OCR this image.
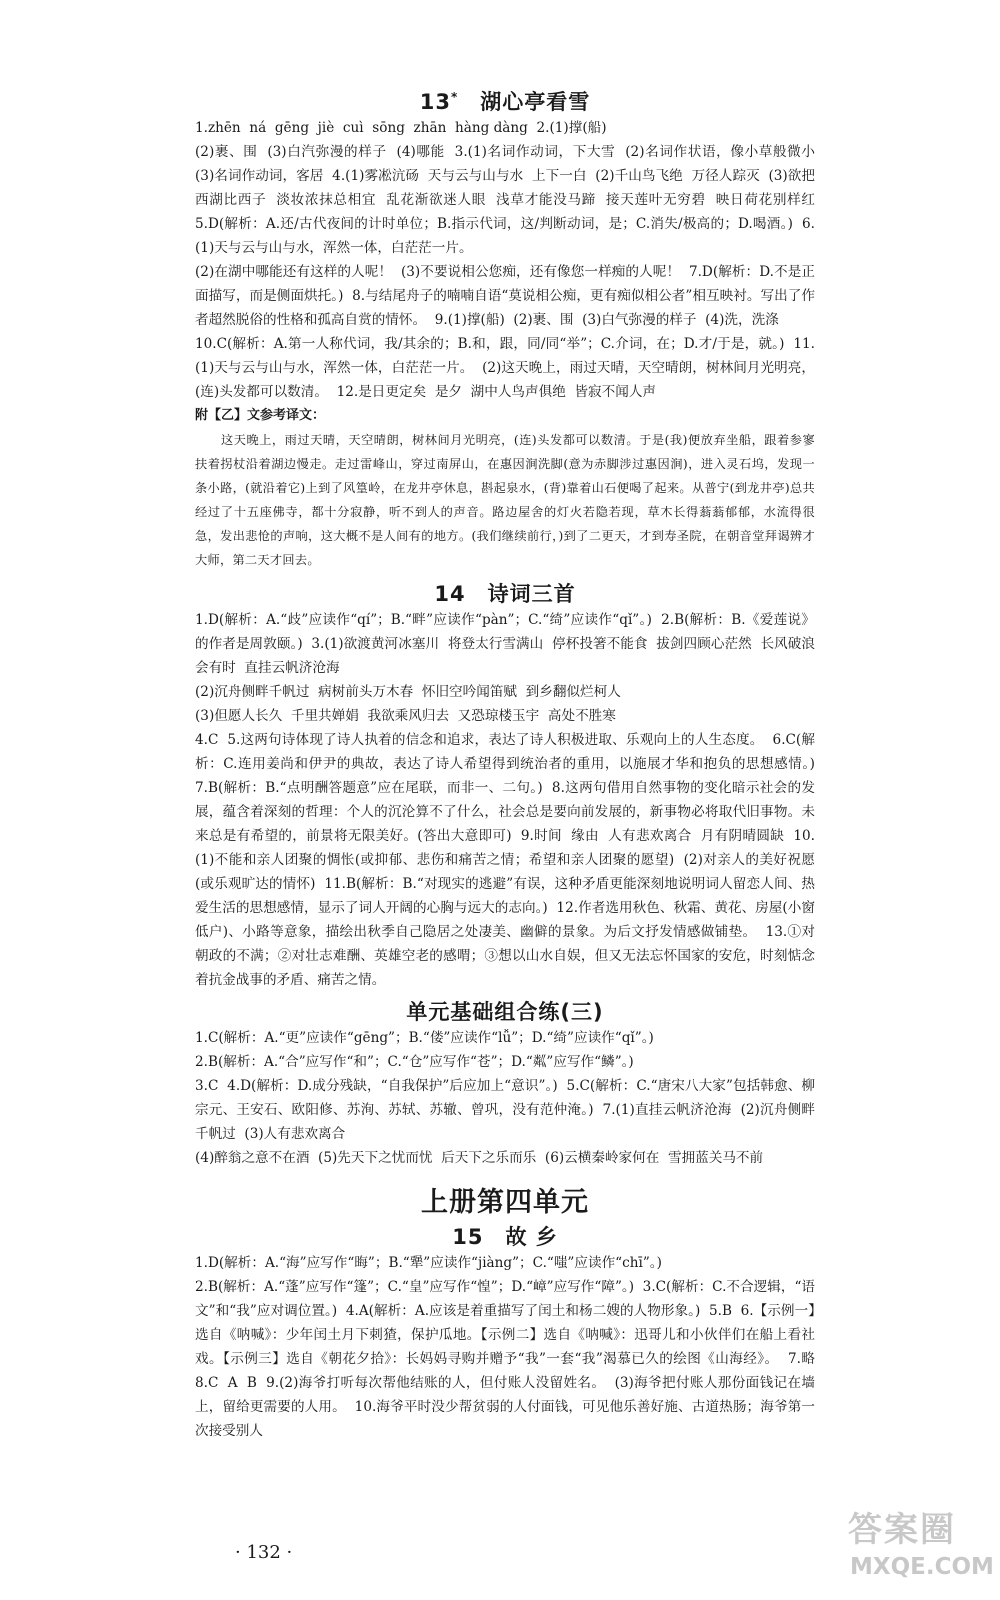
13* 湖心亭看雪

1.zhēn  ná  gēng  jiè  cuì  sōng  zhān  hàng dàng  2.(1)撑(船)
(2)裹、围  (3)白汽弥漫的样子  (4)哪能  3.(1)名词作动词，下大雪  (2)名词作状语，像小草般微小  (3)名词作动词，客居  4.(1)雾凇沆砀  天与云与山与水  上下一白  (2)千山鸟飞绝  万径人踪灭  (3)欲把西湖比西子  淡妆浓抹总相宜  乱花渐欲迷人眼  浅草才能没马蹄  接天莲叶无穷碧  映日荷花别样红  5.D(解析：A.还/古代夜间的计时单位；B.指示代词，这/判断动词，是；C.消失/极高的；D.喝酒。)  6.(1)天与云与山与水，浑然一体，白茫茫一片。
(2)在湖中哪能还有这样的人呢！  (3)不要说相公您痴，还有像您一样痴的人呢！  7.D(解析：D.不是正面描写，而是侧面烘托。)  8.与结尾舟子的喃喃自语“莫说相公痴，更有痴似相公者”相互映衬。写出了作者超然脱俗的性格和孤高自赏的情怀。  9.(1)撑(船)  (2)裹、围  (3)白气弥漫的样子  (4)洗，洗涤
10.C(解析：A.第一人称代词，我/其余的；B.和，跟，同/同“举”；C.介词，在；D.才/于是，就。)  11.(1)天与云与山与水，浑然一体，白茫茫一片。  (2)这天晚上，雨过天晴，天空晴朗，树林间月光明亮，(连)头发都可以数清。  12.是日更定矣  是夕  湖中人鸟声俱绝  皆寂不闻人声

附【乙】文参考译文：

这天晚上，雨过天晴，天空晴朗，树林间月光明亮，(连)头发都可以数清。于是(我)便放弃坐船，跟着参寥扶着拐杖沿着湖边慢走。走过雷峰山，穿过南屏山，在惠因涧洗脚(意为赤脚涉过惠因涧)，进入灵石坞，发现一条小路，(就沿着它)上到了风篁岭，在龙井亭休息，斟起泉水，(背)靠着山石便喝了起来。从普宁(到龙井亭)总共经过了十五座佛寺，都十分寂静，听不到人的声音。路边屋舍的灯火若隐若现，草木长得蓊蓊郁郁，水流得很急，发出悲怆的声响，这大概不是人间有的地方。(我们继续前行，)到了二更天，才到寿圣院，在朝音堂拜谒辨才大师，第二天才回去。

14 诗词三首

1.D(解析：A.“歧”应读作“qí”；B.“畔”应读作“pàn”；C.“绮”应读作“qǐ”。)  2.B(解析：B.《爱莲说》的作者是周敦颐。)  3.(1)欲渡黄河冰塞川  将登太行雪满山  停杯投箸不能食  拔剑四顾心茫然  长风破浪会有时  直挂云帆济沧海
(2)沉舟侧畔千帆过  病树前头万木春  怀旧空吟闻笛赋  到乡翻似烂柯人
(3)但愿人长久  千里共婵娟  我欲乘风归去  又恐琼楼玉宇  高处不胜寒
4.C  5.这两句诗体现了诗人执着的信念和追求，表达了诗人积极进取、乐观向上的人生态度。  6.C(解析：C.连用姜尚和伊尹的典故，表达了诗人希望得到统治者的重用，以施展才华和抱负的思想感情。)  7.B(解析：B.“点明酬答题意”应在尾联，而非一、二句。)  8.这两句借用自然事物的变化暗示社会的发展，蕴含着深刻的哲理：个人的沉沦算不了什么，社会总是要向前发展的，新事物必将取代旧事物。未来总是有希望的，前景将无限美好。(答出大意即可)  9.时间  缘由  人有悲欢离合  月有阴晴圆缺  10.(1)不能和亲人团聚的惆怅(或抑郁、悲伤和痛苦之情；希望和亲人团聚的愿望)  (2)对亲人的美好祝愿(或乐观旷达的情怀)  11.B(解析：B.“对现实的逃避”有误，这种矛盾更能深刻地说明词人留恋人间、热爱生活的思想感情，显示了词人开阔的心胸与远大的志向。)  12.作者选用秋色、秋霜、黄花、房屋(小窗低户)、小路等意象，描绘出秋季自己隐居之处凄美、幽僻的景象。为后文抒发情感做铺垫。  13.①对朝政的不满；②对壮志难酬、英雄空老的感喟；③想以山水自娱，但又无法忘怀国家的安危，时刻惦念着抗金战事的矛盾、痛苦之情。

单元基础组合练(三)

1.C(解析：A.“更”应读作“gēng”；B.“偻”应读作“lǚ”；D.“绮”应读作“qǐ”。)
2.B(解析：A.“合”应写作“和”；C.“仓”应写作“苍”；D.“粼”应写作“鳞”。)
3.C  4.D(解析：D.成分残缺，“自我保护”后应加上“意识”。)  5.C(解析：C.“唐宋八大家”包括韩愈、柳宗元、王安石、欧阳修、苏洵、苏轼、苏辙、曾巩，没有范仲淹。)  7.(1)直挂云帆济沧海  (2)沉舟侧畔千帆过  (3)人有悲欢离合
(4)醉翁之意不在酒  (5)先天下之忧而忧  后天下之乐而乐  (6)云横秦岭家何在  雪拥蓝关马不前

上册第四单元
15 故 乡

1.D(解析：A.“海”应写作“晦”；B.“犟”应读作“jiàng”；C.“嗤”应读作“chī”。)
2.B(解析：A.“蓬”应写作“篷”；C.“皇”应写作“惶”；D.“嶂”应写作“障”。)  3.C(解析：C.不合逻辑，“语文”和“我”应对调位置。)  4.A(解析：A.应该是着重描写了闰土和杨二嫂的人物形象。)  5.B  6.【示例一】选自《呐喊》：少年闰土月下刺猹，保护瓜地。【示例二】选自《呐喊》：迅哥儿和小伙伴们在船上看社戏。【示例三】选自《朝花夕拾》：长妈妈寻购并赠予“我”一套“我”渴慕已久的绘图《山海经》。  7.略  8.C  A  B  9.(2)海爷打听每次帮他结账的人，但付账人没留姓名。  (3)海爷把付账人那份面钱记在墙上，留给更需要的人用。  10.海爷平时没少帮贫弱的人付面钱，可见他乐善好施、古道热肠；海爷第一次接受别人

· 132 ·
答案圈
MXQE.COM
